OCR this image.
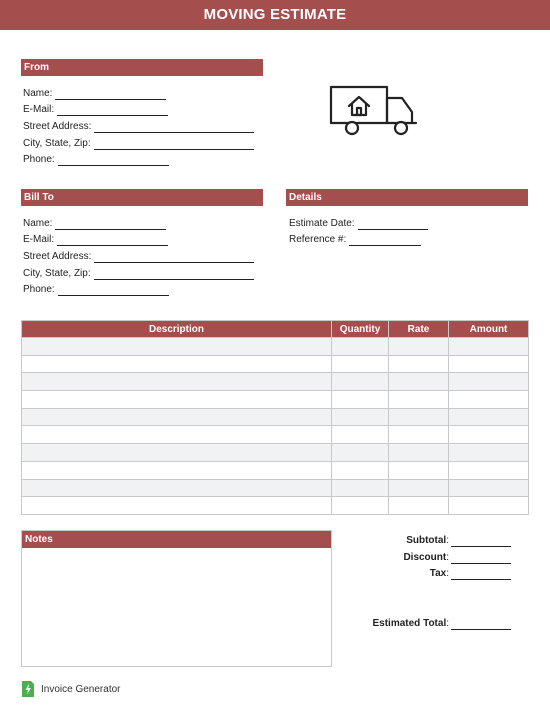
MOVING ESTIMATE
From
Name:
E-Mail:
Street Address:
City, State, Zip:
Phone:
Bill To
Name:
E-Mail:
Street Address:
City, State, Zip:
Phone:
Details
Estimate Date:
Reference #:
Description	Quantity	Rate	Amount

Notes	Subtotal :
Discount :
Tax :
Estimated Total :
Invoice Generator
